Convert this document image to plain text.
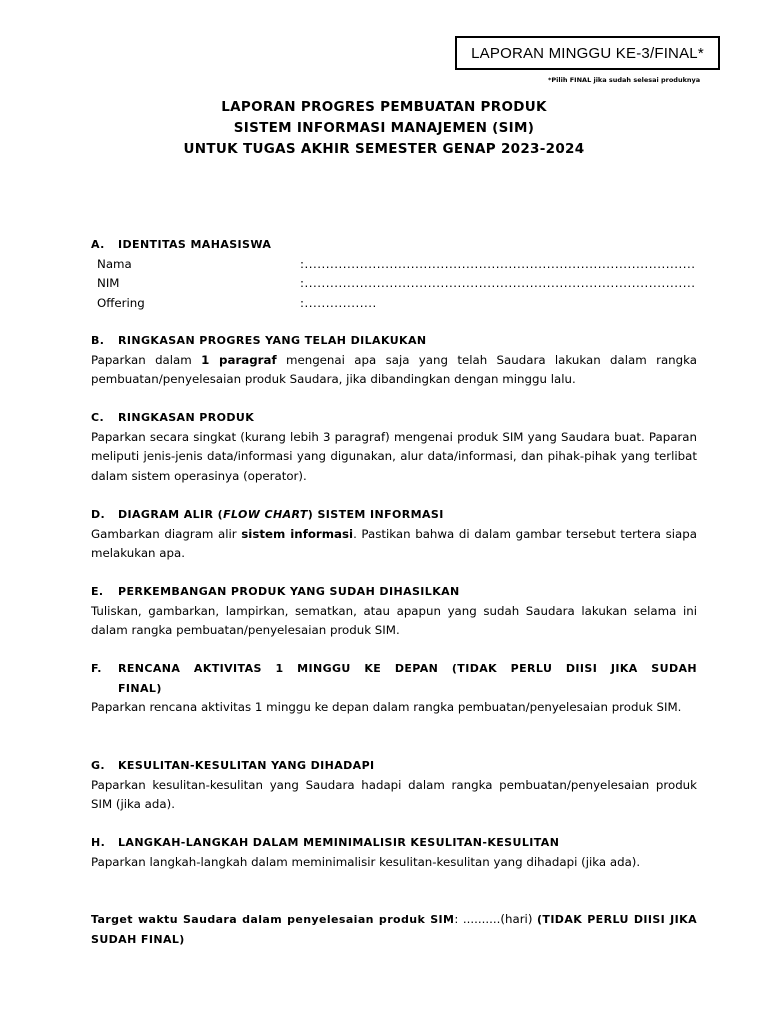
LAPORAN MINGGU KE-3/FINAL*
*Pilih FINAL jika sudah selesai produknya
LAPORAN PROGRES PEMBUATAN PRODUK
SISTEM INFORMASI MANAJEMEN (SIM)
UNTUK TUGAS AKHIR SEMESTER GENAP 2023-2024
A. IDENTITAS MAHASISWA
Nama	:............................................................................................
NIM	:............................................................................................
Offering	:.................
B. RINGKASAN PROGRES YANG TELAH DILAKUKAN
Paparkan dalam 1 paragraf mengenai apa saja yang telah Saudara lakukan dalam rangka pembuatan/penyelesaian produk Saudara, jika dibandingkan dengan minggu lalu.
C. RINGKASAN PRODUK
Paparkan secara singkat (kurang lebih 3 paragraf) mengenai produk SIM yang Saudara buat. Paparan meliputi jenis-jenis data/informasi yang digunakan, alur data/informasi, dan pihak-pihak yang terlibat dalam sistem operasinya (operator).
D. DIAGRAM ALIR (FLOW CHART) SISTEM INFORMASI
Gambarkan diagram alir sistem informasi. Pastikan bahwa di dalam gambar tersebut tertera siapa melakukan apa.
E. PERKEMBANGAN PRODUK YANG SUDAH DIHASILKAN
Tuliskan, gambarkan, lampirkan, sematkan, atau apapun yang sudah Saudara lakukan selama ini dalam rangka pembuatan/penyelesaian produk SIM.
F. RENCANA AKTIVITAS 1 MINGGU KE DEPAN (TIDAK PERLU DIISI JIKA SUDAH
FINAL)
Paparkan rencana aktivitas 1 minggu ke depan dalam rangka pembuatan/penyelesaian produk SIM.
G. KESULITAN-KESULITAN YANG DIHADAPI
Paparkan kesulitan-kesulitan yang Saudara hadapi dalam rangka pembuatan/penyelesaian produk SIM (jika ada).
H. LANGKAH-LANGKAH DALAM MEMINIMALISIR KESULITAN-KESULITAN
Paparkan langkah-langkah dalam meminimalisir kesulitan-kesulitan yang dihadapi (jika ada).
Target waktu Saudara dalam penyelesaian produk SIM: ..........(hari) (TIDAK PERLU DIISI JIKA SUDAH FINAL)
